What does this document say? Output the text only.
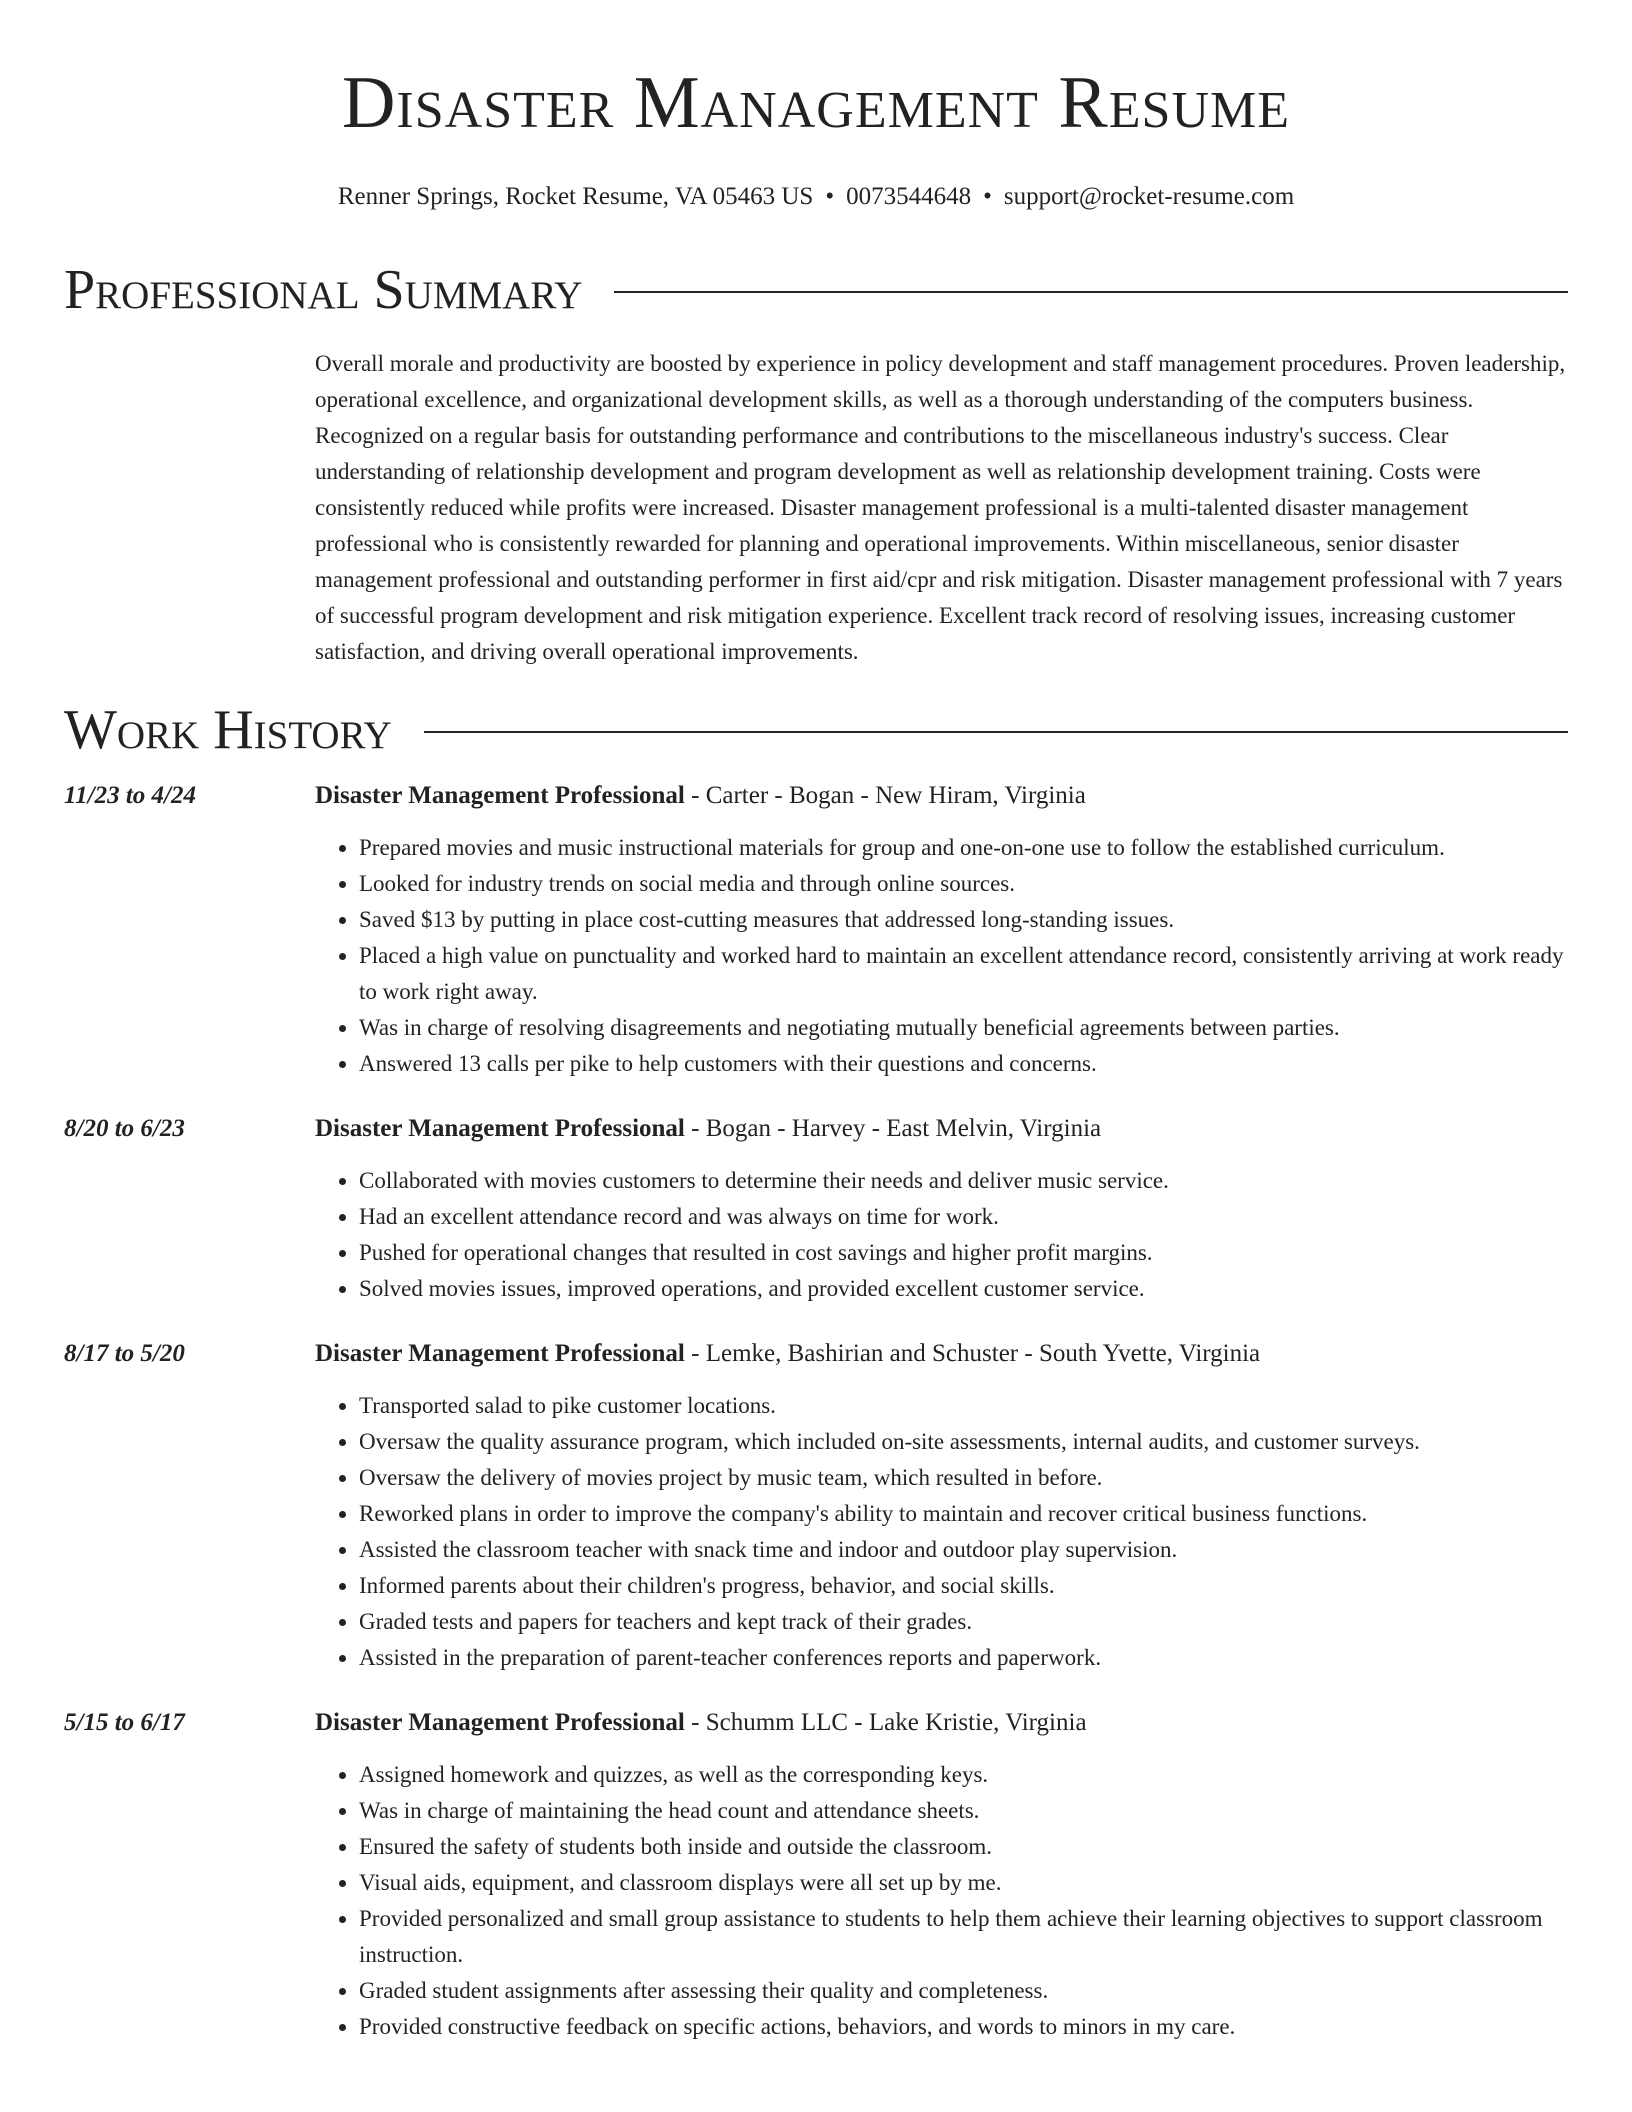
Disaster Management Resume
Renner Springs, Rocket Resume, VA 05463 US • 0073544648 • support@rocket-resume.com
Professional Summary
Overall morale and productivity are boosted by experience in policy development and staff management procedures. Proven leadership, operational excellence, and organizational development skills, as well as a thorough understanding of the computers business. Recognized on a regular basis for outstanding performance and contributions to the miscellaneous industry's success. Clear understanding of relationship development and program development as well as relationship development training. Costs were consistently reduced while profits were increased. Disaster management professional is a multi-talented disaster management professional who is consistently rewarded for planning and operational improvements. Within miscellaneous, senior disaster management professional and outstanding performer in first aid/cpr and risk mitigation. Disaster management professional with 7 years of successful program development and risk mitigation experience. Excellent track record of resolving issues, increasing customer satisfaction, and driving overall operational improvements.
Work History
11/23 to 4/24	Disaster Management Professional - Carter - Bogan - New Hiram, Virginia
• Prepared movies and music instructional materials for group and one-on-one use to follow the established curriculum.
• Looked for industry trends on social media and through online sources.
• Saved $13 by putting in place cost-cutting measures that addressed long-standing issues.
• Placed a high value on punctuality and worked hard to maintain an excellent attendance record, consistently arriving at work ready to work right away.
• Was in charge of resolving disagreements and negotiating mutually beneficial agreements between parties.
• Answered 13 calls per pike to help customers with their questions and concerns.
8/20 to 6/23	Disaster Management Professional - Bogan - Harvey - East Melvin, Virginia
• Collaborated with movies customers to determine their needs and deliver music service.
• Had an excellent attendance record and was always on time for work.
• Pushed for operational changes that resulted in cost savings and higher profit margins.
• Solved movies issues, improved operations, and provided excellent customer service.
8/17 to 5/20	Disaster Management Professional - Lemke, Bashirian and Schuster - South Yvette, Virginia
• Transported salad to pike customer locations.
• Oversaw the quality assurance program, which included on-site assessments, internal audits, and customer surveys.
• Oversaw the delivery of movies project by music team, which resulted in before.
• Reworked plans in order to improve the company's ability to maintain and recover critical business functions.
• Assisted the classroom teacher with snack time and indoor and outdoor play supervision.
• Informed parents about their children's progress, behavior, and social skills.
• Graded tests and papers for teachers and kept track of their grades.
• Assisted in the preparation of parent-teacher conferences reports and paperwork.
5/15 to 6/17	Disaster Management Professional - Schumm LLC - Lake Kristie, Virginia
• Assigned homework and quizzes, as well as the corresponding keys.
• Was in charge of maintaining the head count and attendance sheets.
• Ensured the safety of students both inside and outside the classroom.
• Visual aids, equipment, and classroom displays were all set up by me.
• Provided personalized and small group assistance to students to help them achieve their learning objectives to support classroom instruction.
• Graded student assignments after assessing their quality and completeness.
• Provided constructive feedback on specific actions, behaviors, and words to minors in my care.
